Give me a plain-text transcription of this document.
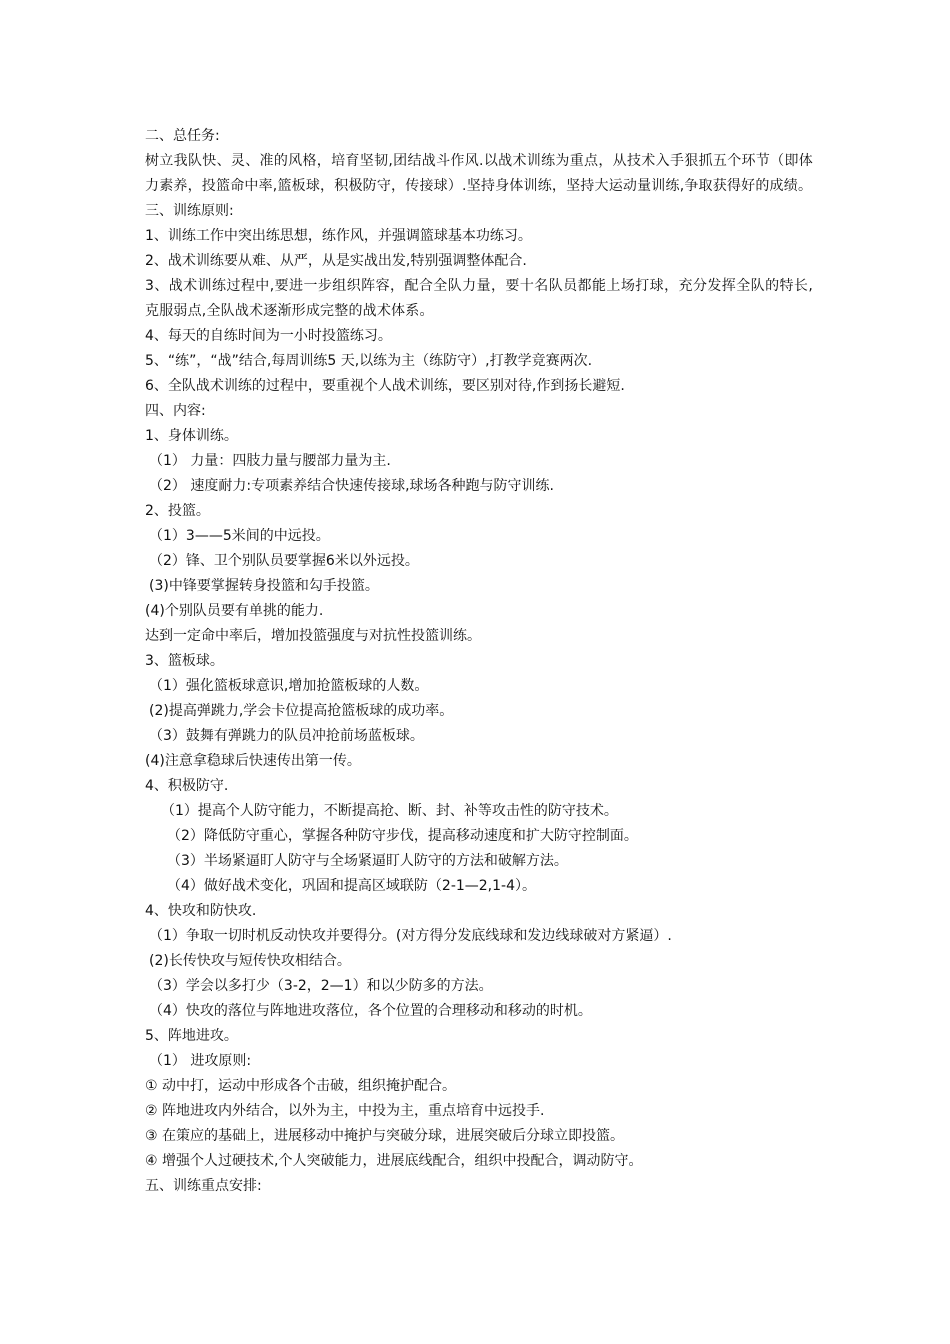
二、总任务:
树立我队快、灵、准的风格，培育坚韧,团结战斗作风.以战术训练为重点，从技术入手狠抓五个环节（即体力素养，投篮命中率,篮板球，积极防守，传接球）.坚持身体训练，坚持大运动量训练,争取获得好的成绩。
三、训练原则:
1、训练工作中突出练思想，练作风，并强调篮球基本功练习。
2、战术训练要从难、从严，从是实战出发,特别强调整体配合.
3、战术训练过程中,要进一步组织阵容，配合全队力量，要十名队员都能上场打球，充分发挥全队的特长,克服弱点,全队战术逐渐形成完整的战术体系。
4、每天的自练时间为一小时投篮练习。
5、“练”，“战”结合,每周训练5 天,以练为主（练防守）,打教学竞赛两次.
6、全队战术训练的过程中，要重视个人战术训练，要区别对待,作到扬长避短.
四、内容:
1、身体训练。
（1） 力量：四肢力量与腰部力量为主.
（2） 速度耐力:专项素养结合快速传接球,球场各种跑与防守训练.
2、投篮。
（1）3——5米间的中远投。
（2）锋、卫个别队员要掌握6米以外远投。
(3)中锋要掌握转身投篮和勾手投篮。
(4)个别队员要有单挑的能力.
达到一定命中率后，增加投篮强度与对抗性投篮训练。
3、篮板球。
（1）强化篮板球意识,增加抢篮板球的人数。
(2)提高弹跳力,学会卡位提高抢篮板球的成功率。
（3）鼓舞有弹跳力的队员冲抢前场蓝板球。
(4)注意拿稳球后快速传出第一传。
4、积极防守.
（1）提高个人防守能力，不断提高抢、断、封、补等攻击性的防守技术。
（2）降低防守重心，掌握各种防守步伐，提高移动速度和扩大防守控制面。
（3）半场紧逼盯人防守与全场紧逼盯人防守的方法和破解方法。
（4）做好战术变化，巩固和提高区域联防（2-1—2,1-4）。
4、快攻和防快攻.
（1）争取一切时机反动快攻并要得分。(对方得分发底线球和发边线球破对方紧逼）.
(2)长传快攻与短传快攻相结合。
（3）学会以多打少（3-2，2—1）和以少防多的方法。
（4）快攻的落位与阵地进攻落位，各个位置的合理移动和移动的时机。
5、阵地进攻。
（1） 进攻原则:
① 动中打，运动中形成各个击破，组织掩护配合。
② 阵地进攻内外结合，以外为主，中投为主，重点培育中远投手.
③ 在策应的基础上，进展移动中掩护与突破分球，进展突破后分球立即投篮。
④ 增强个人过硬技术,个人突破能力，进展底线配合，组织中投配合，调动防守。
五、训练重点安排:
